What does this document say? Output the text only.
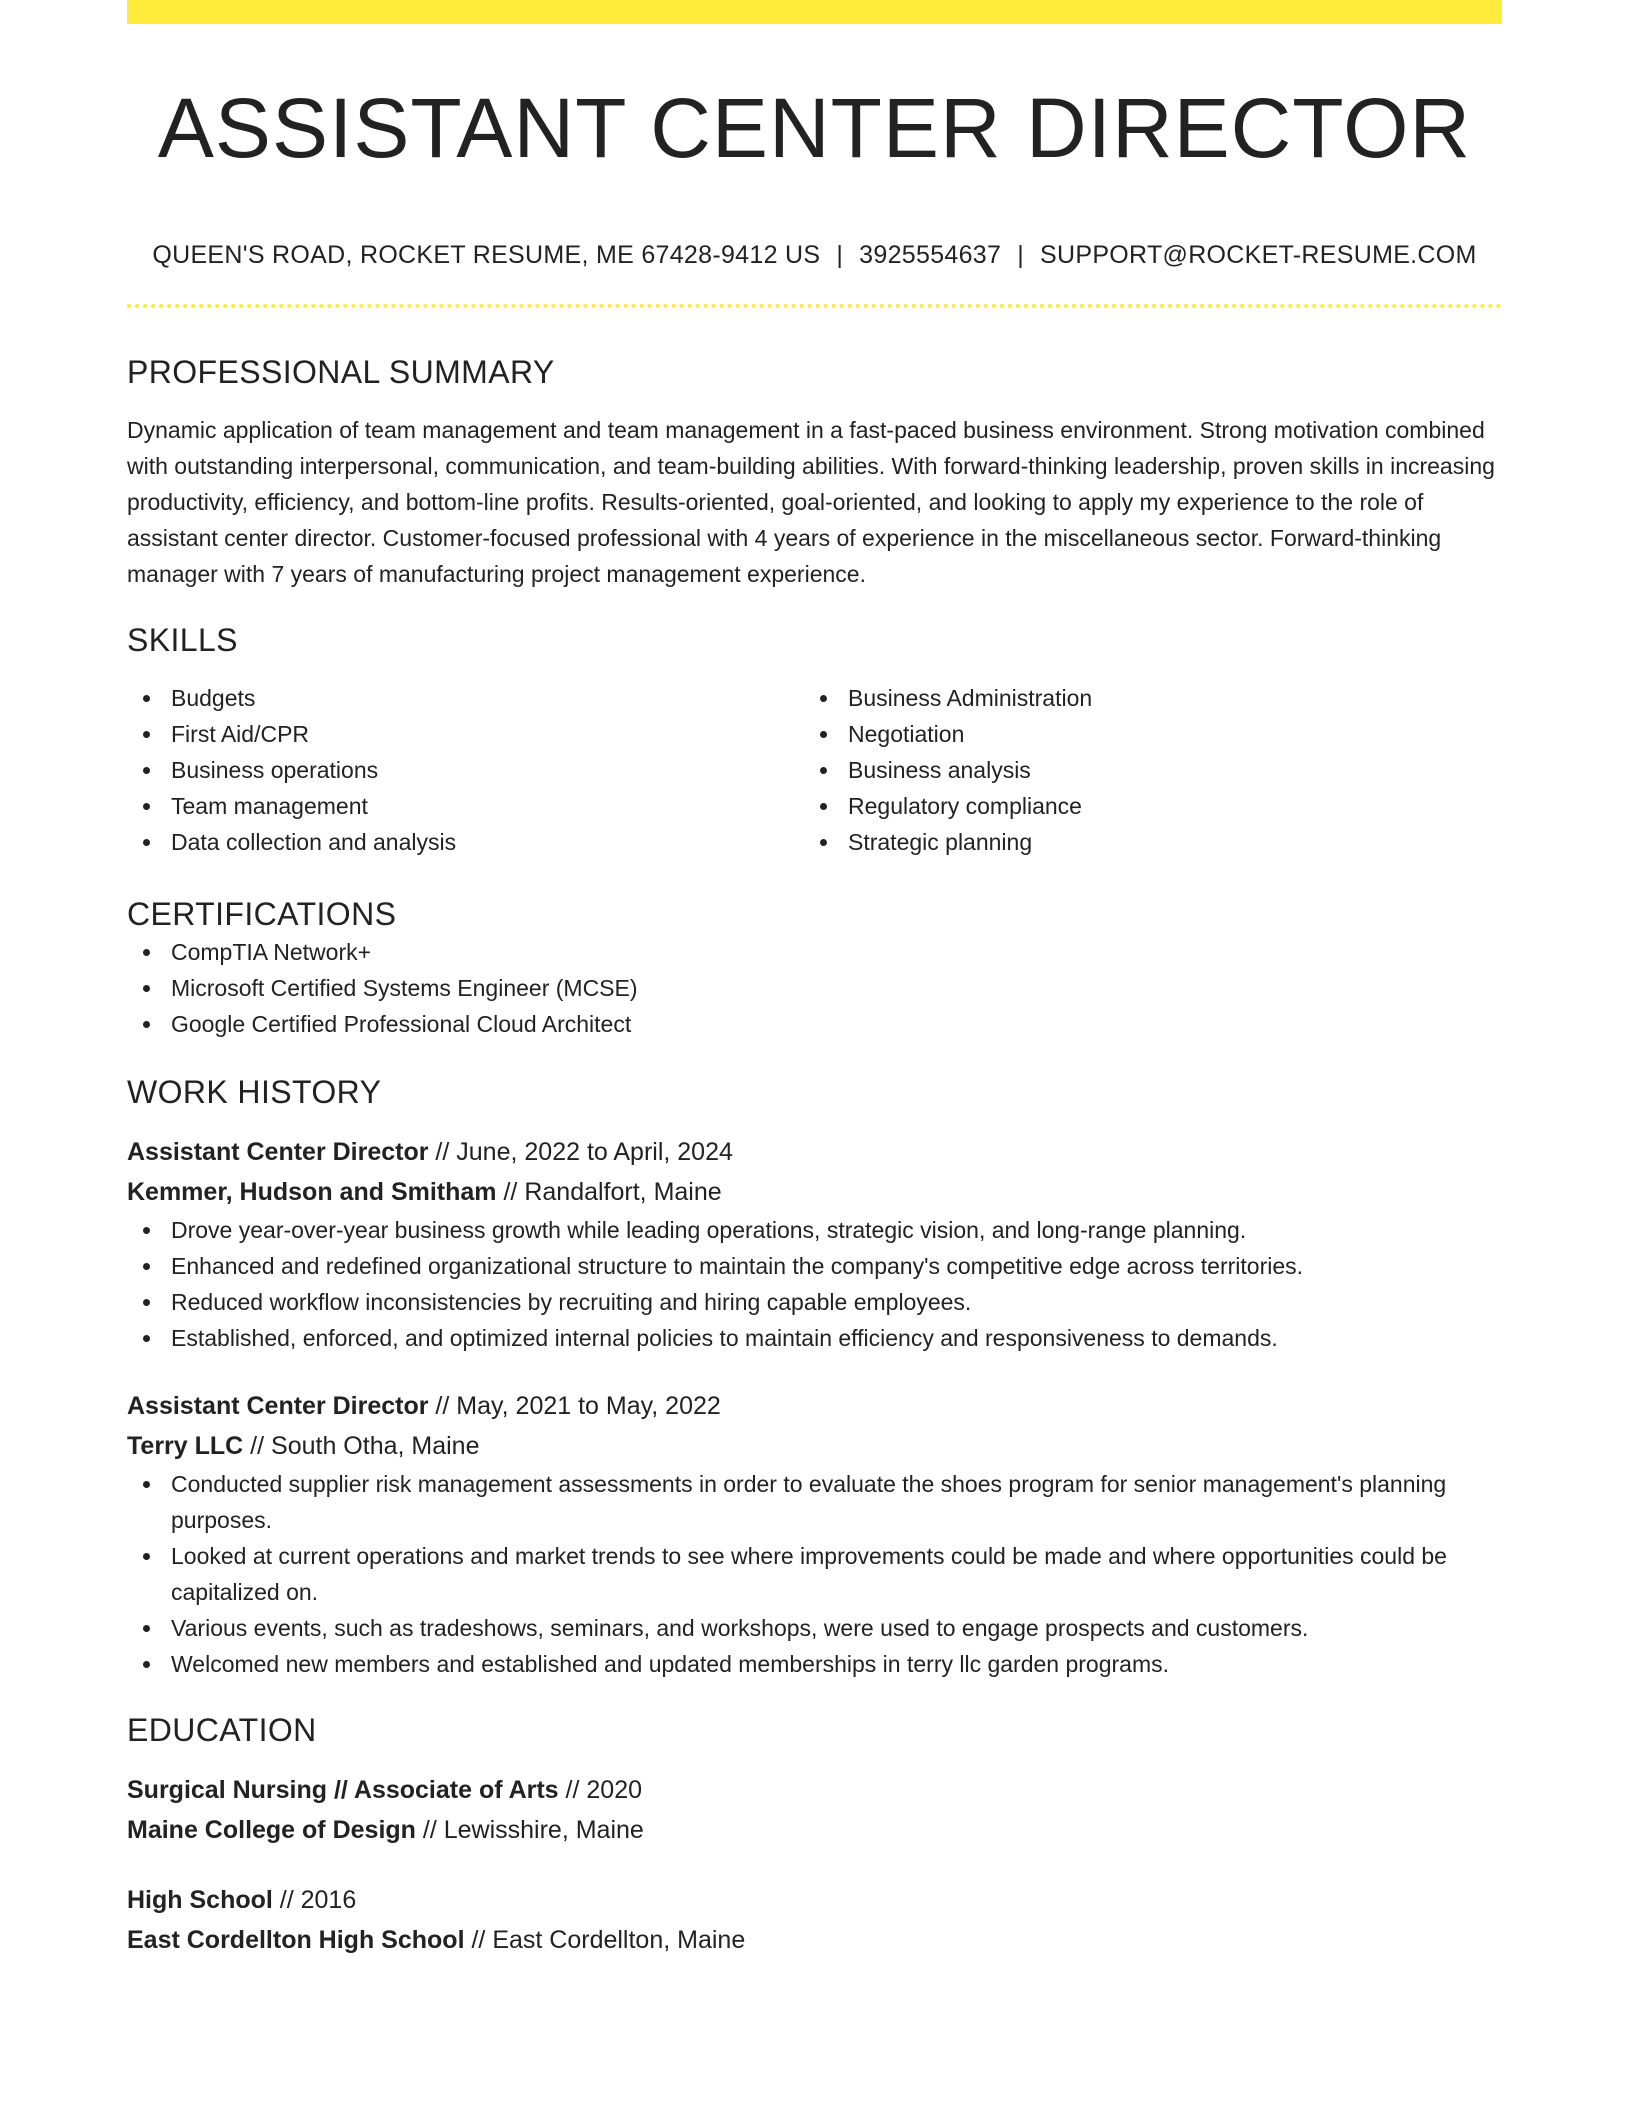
ASSISTANT CENTER DIRECTOR
QUEEN'S ROAD, ROCKET RESUME, ME 67428-9412 US | 3925554637 | SUPPORT@ROCKET-RESUME.COM
PROFESSIONAL SUMMARY
Dynamic application of team management and team management in a fast-paced business environment. Strong motivation combined with outstanding interpersonal, communication, and team-building abilities. With forward-thinking leadership, proven skills in increasing productivity, efficiency, and bottom-line profits. Results-oriented, goal-oriented, and looking to apply my experience to the role of assistant center director. Customer-focused professional with 4 years of experience in the miscellaneous sector. Forward-thinking manager with 7 years of manufacturing project management experience.
SKILLS
Budgets
First Aid/CPR
Business operations
Team management
Data collection and analysis
Business Administration
Negotiation
Business analysis
Regulatory compliance
Strategic planning
CERTIFICATIONS
CompTIA Network+
Microsoft Certified Systems Engineer (MCSE)
Google Certified Professional Cloud Architect
WORK HISTORY
Assistant Center Director // June, 2022 to April, 2024
Kemmer, Hudson and Smitham // Randalfort, Maine
Drove year-over-year business growth while leading operations, strategic vision, and long-range planning.
Enhanced and redefined organizational structure to maintain the company's competitive edge across territories.
Reduced workflow inconsistencies by recruiting and hiring capable employees.
Established, enforced, and optimized internal policies to maintain efficiency and responsiveness to demands.
Assistant Center Director // May, 2021 to May, 2022
Terry LLC // South Otha, Maine
Conducted supplier risk management assessments in order to evaluate the shoes program for senior management's planning purposes.
Looked at current operations and market trends to see where improvements could be made and where opportunities could be capitalized on.
Various events, such as tradeshows, seminars, and workshops, were used to engage prospects and customers.
Welcomed new members and established and updated memberships in terry llc garden programs.
EDUCATION
Surgical Nursing // Associate of Arts // 2020
Maine College of Design // Lewisshire, Maine
High School // 2016
East Cordellton High School // East Cordellton, Maine
